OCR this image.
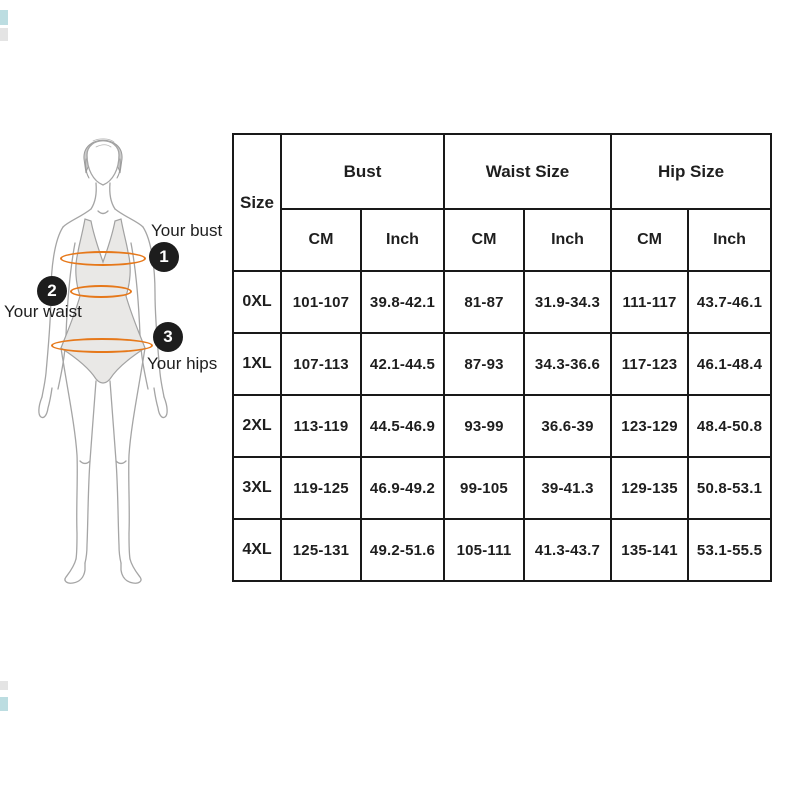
1
2
3
Your bust
Your waist
Your hips
Size	Bust		Waist Size		Hip Size	
	CM	Inch	CM	Inch	CM	Inch
0XL	101-107	39.8-42.1	81-87	31.9-34.3	111-117	43.7-46.1
1XL	107-113	42.1-44.5	87-93	34.3-36.6	117-123	46.1-48.4
2XL	113-119	44.5-46.9	93-99	36.6-39	123-129	48.4-50.8
3XL	119-125	46.9-49.2	99-105	39-41.3	129-135	50.8-53.1
4XL	125-131	49.2-51.6	105-111	41.3-43.7	135-141	53.1-55.5
